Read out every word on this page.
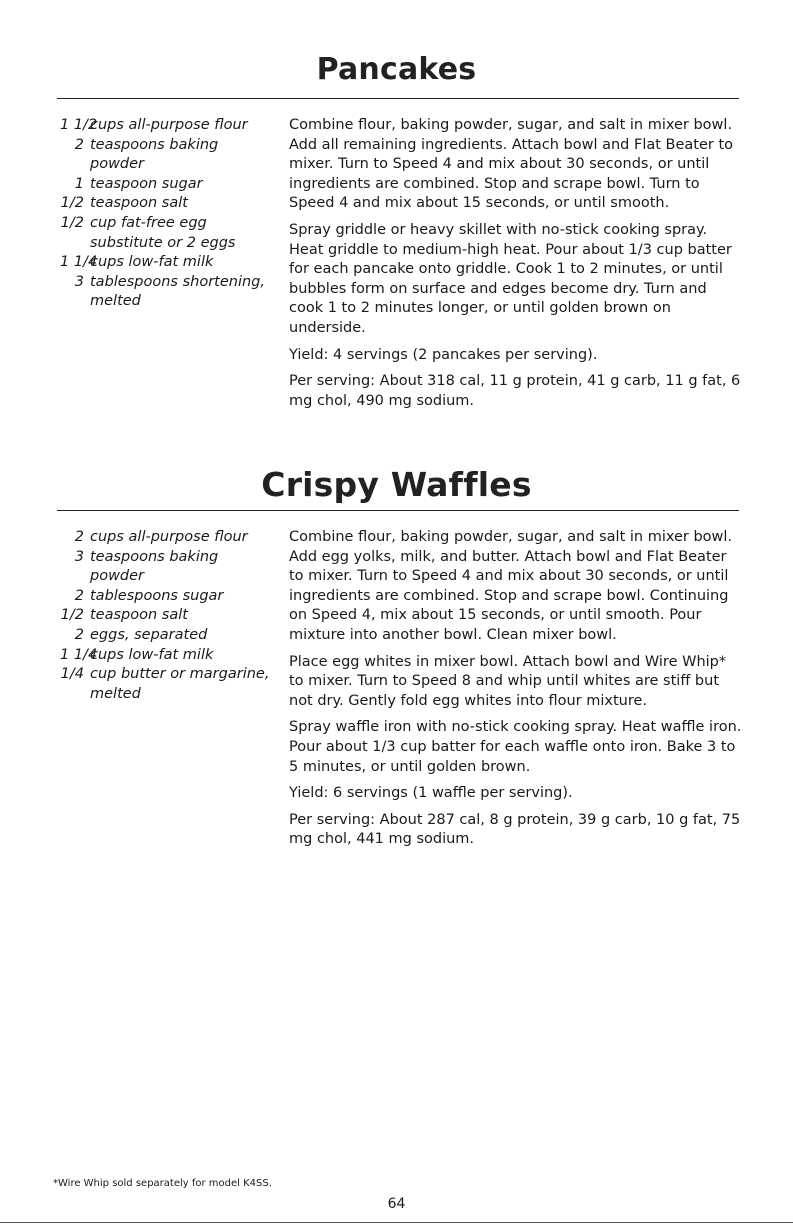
Pancakes
1 1/2
cups all-purpose flour
2 teaspoons baking powder
1 teaspoon sugar
1/2 teaspoon salt
1/2 cup fat-free egg substitute or 2 eggs
1 1/4
cups low-fat milk
3 tablespoons shortening, melted

Combine flour, baking powder, sugar, and salt in mixer bowl. Add all remaining ingredients. Attach bowl and Flat Beater to mixer. Turn to Speed 4 and mix about 30 seconds, or until ingredients are combined. Stop and scrape bowl. Turn to Speed 4 and mix about 15 seconds, or until smooth.

Spray griddle or heavy skillet with no-stick cooking spray. Heat griddle to medium-high heat. Pour about 1/3 cup batter for each pancake onto griddle. Cook 1 to 2 minutes, or until bubbles form on surface and edges become dry. Turn and cook 1 to 2 minutes longer, or until golden brown on underside.

Yield: 4 servings (2 pancakes per serving).

Per serving: About 318 cal, 11 g protein, 41 g carb, 11 g fat, 6 mg chol, 490 mg sodium.

Crispy Waffles
2 cups all-purpose flour
3 teaspoons baking powder
2 tablespoons sugar
1/2 teaspoon salt
2 eggs, separated
1 1/4
cups low-fat milk
1/4 cup butter or margarine, melted

Combine flour, baking powder, sugar, and salt in mixer bowl. Add egg yolks, milk, and butter. Attach bowl and Flat Beater to mixer. Turn to Speed 4 and mix about 30 seconds, or until ingredients are combined. Stop and scrape bowl. Continuing on Speed 4, mix about 15 seconds, or until smooth. Pour mixture into another bowl. Clean mixer bowl.

Place egg whites in mixer bowl. Attach bowl and Wire Whip* to mixer. Turn to Speed 8 and whip until whites are stiff but not dry. Gently fold egg whites into flour mixture.

Spray waffle iron with no-stick cooking spray. Heat waffle iron. Pour about 1/3 cup batter for each waffle onto iron. Bake 3 to 5 minutes, or until golden brown.

Yield: 6 servings (1 waffle per serving).

Per serving: About 287 cal, 8 g protein, 39 g carb, 10 g fat, 75 mg chol, 441 mg sodium.

*Wire Whip sold separately for model K4SS.
64
